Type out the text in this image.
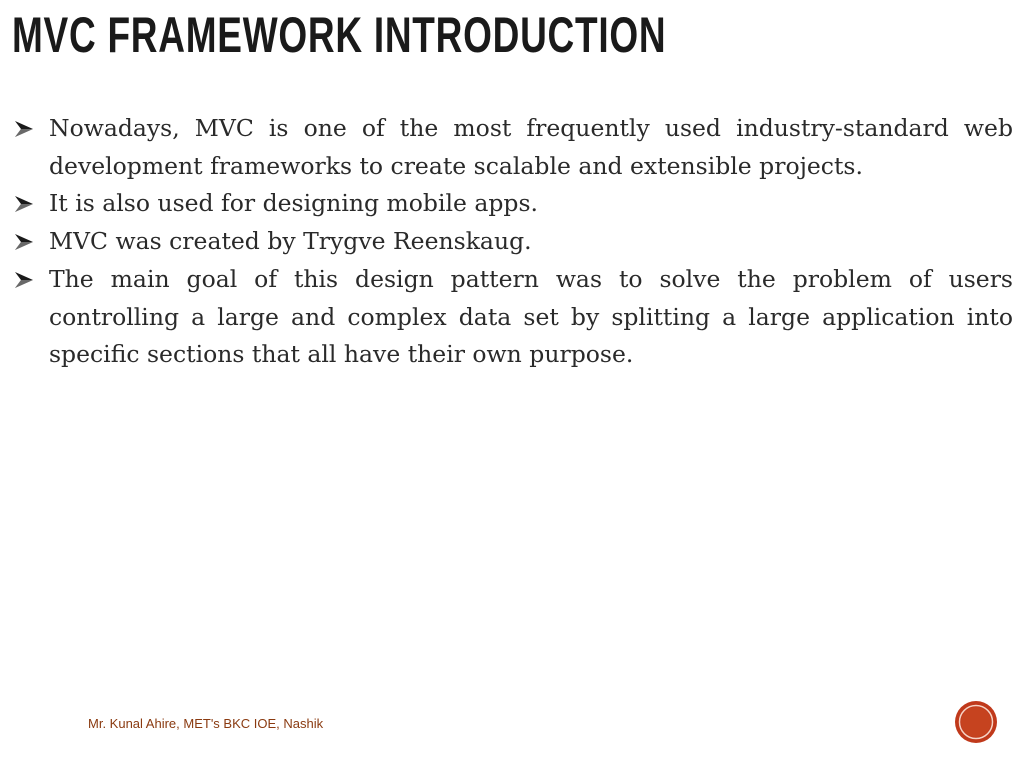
MVC FRAMEWORK INTRODUCTION
Nowadays, MVC is one of the most frequently used industry-standard web development frameworks to create scalable and extensible projects.
It is also used for designing mobile apps.
MVC was created by Trygve Reenskaug.
The main goal of this design pattern was to solve the problem of users controlling a large and complex data set by splitting a large application into specific sections that all have their own purpose.
Mr. Kunal Ahire, MET's BKC IOE, Nashik
